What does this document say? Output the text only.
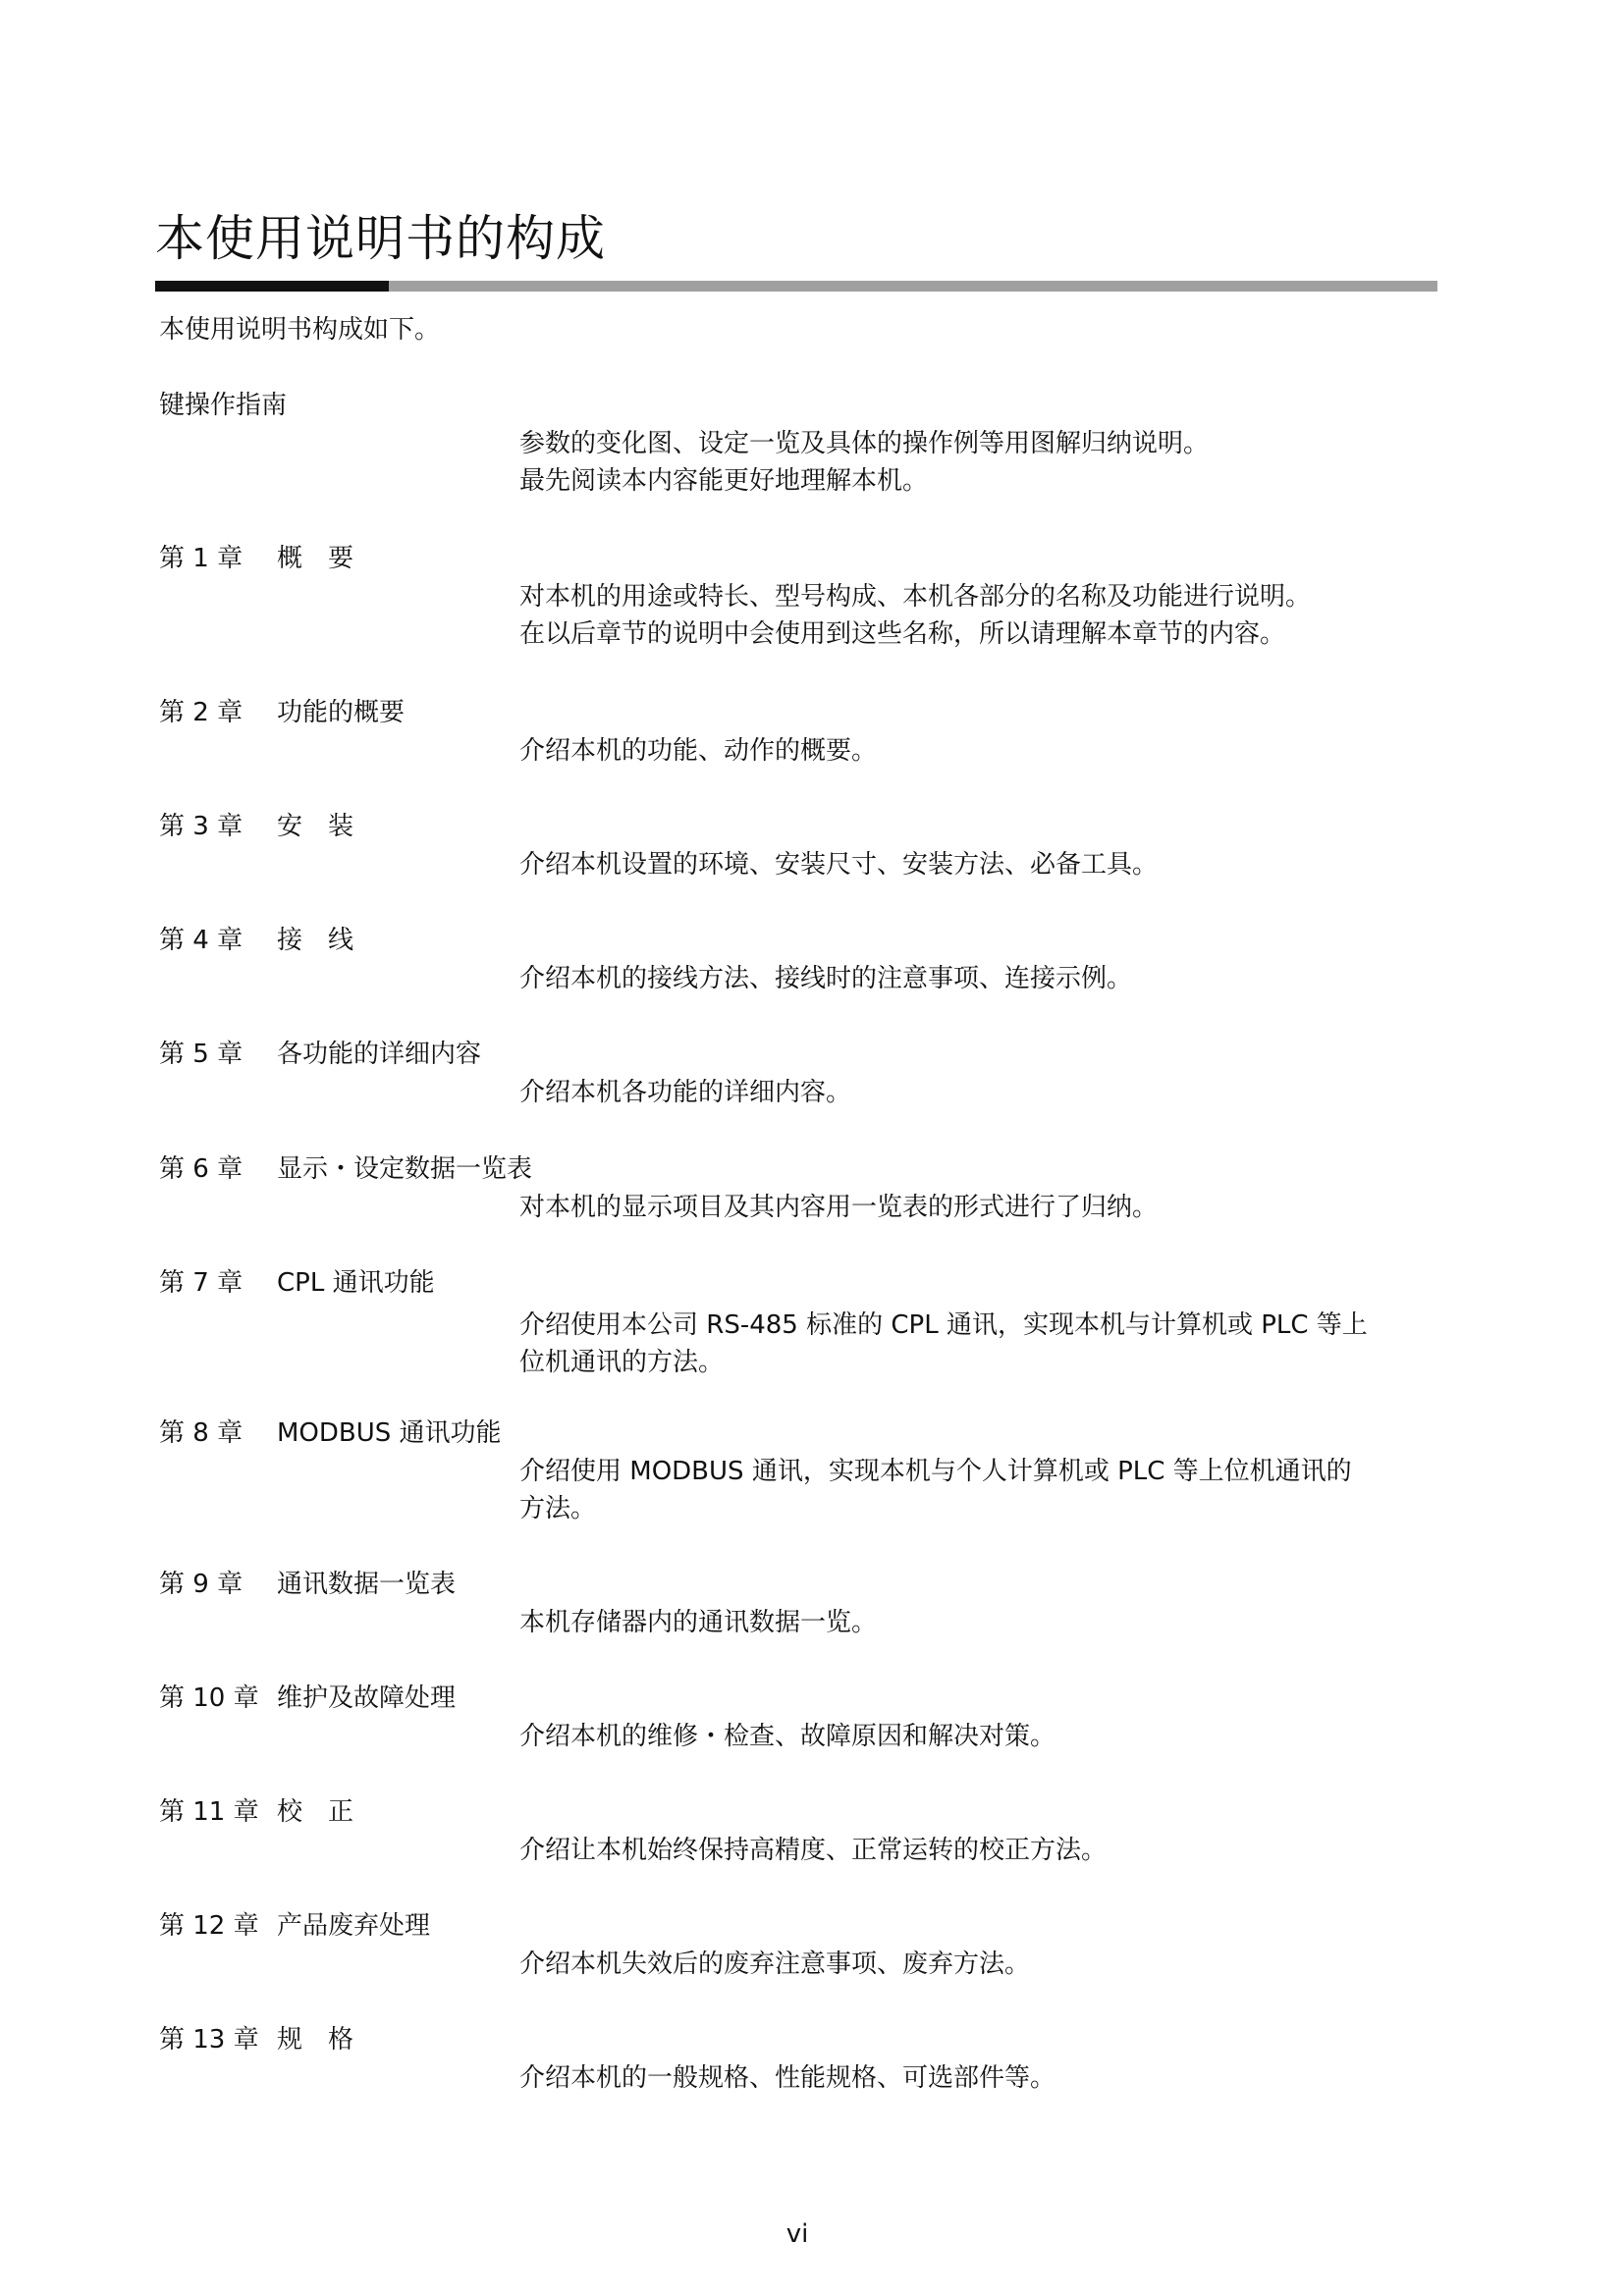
本使用说明书的构成
本使用说明书构成如下。
键操作指南
参数的变化图、设定一览及具体的操作例等用图解归纳说明。
最先阅读本内容能更好地理解本机。
第 1 章 概　要
对本机的用途或特长、型号构成、本机各部分的名称及功能进行说明。
在以后章节的说明中会使用到这些名称，所以请理解本章节的内容。
第 2 章 功能的概要
介绍本机的功能、动作的概要。
第 3 章 安　装
介绍本机设置的环境、安装尺寸、安装方法、必备工具。
第 4 章 接　线
介绍本机的接线方法、接线时的注意事项、连接示例。
第 5 章 各功能的详细内容
介绍本机各功能的详细内容。
第 6 章 显示・设定数据一览表
对本机的显示项目及其内容用一览表的形式进行了归纳。
第 7 章 CPL 通讯功能
介绍使用本公司 RS-485 标准的 CPL 通讯，实现本机与计算机或 PLC 等上
位机通讯的方法。
第 8 章 MODBUS 通讯功能
介绍使用 MODBUS 通讯，实现本机与个人计算机或 PLC 等上位机通讯的
方法。
第 9 章 通讯数据一览表
本机存储器内的通讯数据一览。
第 10 章 维护及故障处理
介绍本机的维修・检查、故障原因和解决对策。
第 11 章 校　正
介绍让本机始终保持高精度、正常运转的校正方法。
第 12 章 产品废弃处理
介绍本机失效后的废弃注意事项、废弃方法。
第 13 章 规　格
介绍本机的一般规格、性能规格、可选部件等。
vi
